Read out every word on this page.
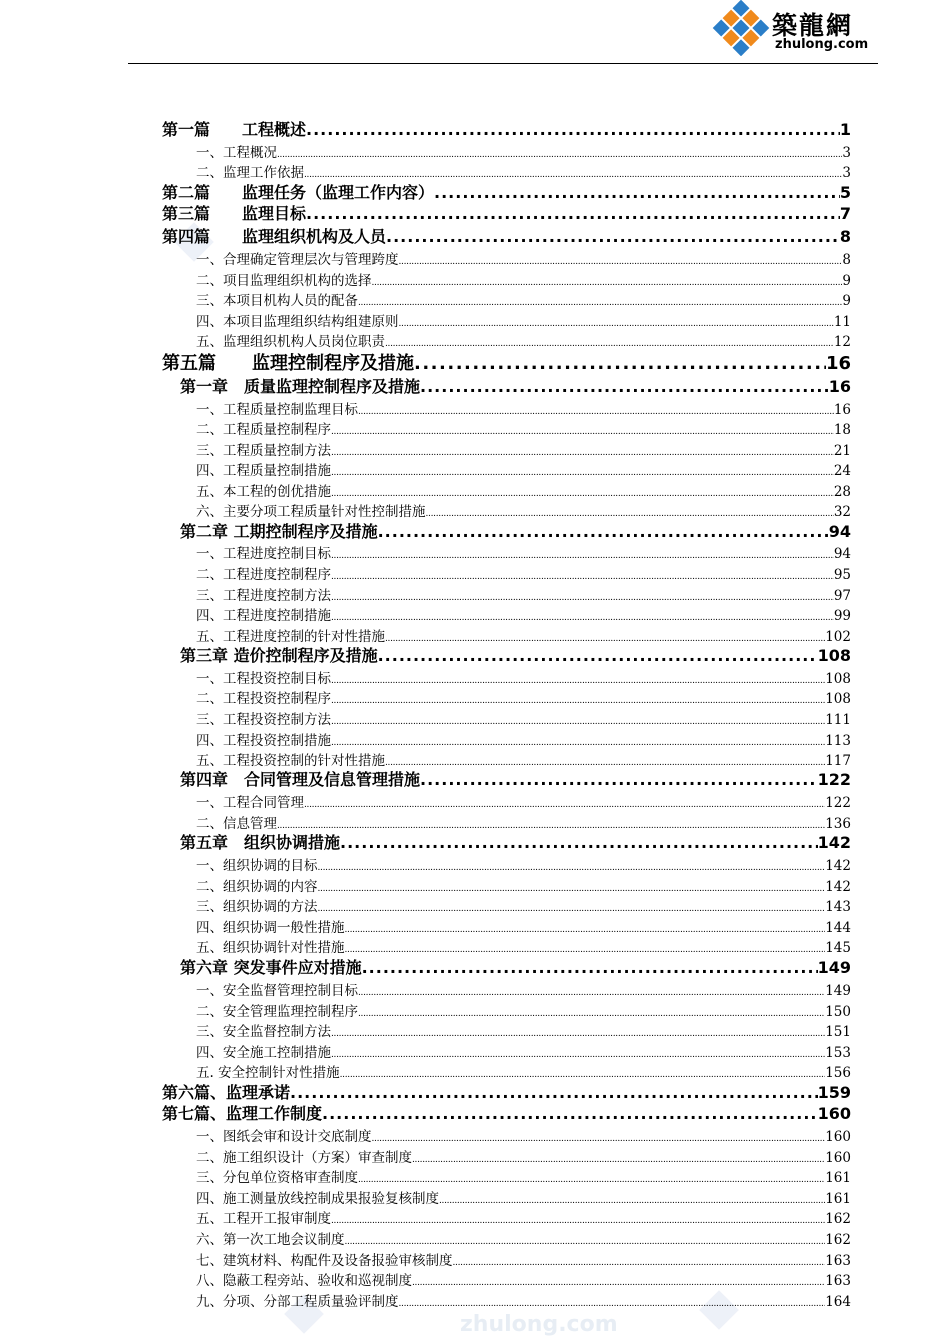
築龍網
zhulong.com
zhulong.com
第一篇　　工程概述 .....	1
一、工程概况 .....	3
二、监理工作依据 .....	3
第二篇　　监理任务（监理工作内容） .....	5
第三篇　　监理目标 .....	7
第四篇　　监理组织机构及人员 .....	8
一、合理确定管理层次与管理跨度 .....	8
二、项目监理组织机构的选择 .....	9
三、本项目机构人员的配备 .....	9
四、本项目监理组织结构组建原则 .....	11
五、监理组织机构人员岗位职责 .....	12
第五篇　　监理控制程序及措施 .....	16
第一章　质量监理控制程序及措施 .....	16
一、工程质量控制监理目标 .....	16
二、工程质量控制程序 .....	18
三、工程质量控制方法 .....	21
四、工程质量控制措施 .....	24
五、本工程的创优措施 .....	28
六、主要分项工程质量针对性控制措施 .....	32
第二章 工期控制程序及措施 .....	94
一、工程进度控制目标 .....	94
二、工程进度控制程序 .....	95
三、工程进度控制方法 .....	97
四、工程进度控制措施 .....	99
五、工程进度控制的针对性措施 .....	102
第三章 造价控制程序及措施 .....	108
一、工程投资控制目标 .....	108
二、工程投资控制程序 .....	108
三、工程投资控制方法 .....	111
四、工程投资控制措施 .....	113
五、工程投资控制的针对性措施 .....	117
第四章　合同管理及信息管理措施 .....	122
一、工程合同管理 .....	122
二、信息管理 .....	136
第五章　组织协调措施 .....	142
一、组织协调的目标 .....	142
二、组织协调的内容 .....	142
三、组织协调的方法 .....	143
四、组织协调一般性措施 .....	144
五、组织协调针对性措施 .....	145
第六章 突发事件应对措施 .....	149
一、安全监督管理控制目标 .....	149
二、安全管理监理控制程序 .....	150
三、安全监督控制方法 .....	151
四、安全施工控制措施 .....	153
五. 安全控制针对性措施 .....	156
第六篇、监理承诺 .....	159
第七篇、监理工作制度 .....	160
一、图纸会审和设计交底制度 .....	160
二、施工组织设计（方案）审查制度 .....	160
三、分包单位资格审查制度 .....	161
四、施工测量放线控制成果报验复核制度 .....	161
五、工程开工报审制度 .....	162
六、第一次工地会议制度 .....	162
七、建筑材料、构配件及设备报验审核制度 .....	163
八、隐蔽工程旁站、验收和巡视制度 .....	163
九、分项、分部工程质量验评制度 .....	164
